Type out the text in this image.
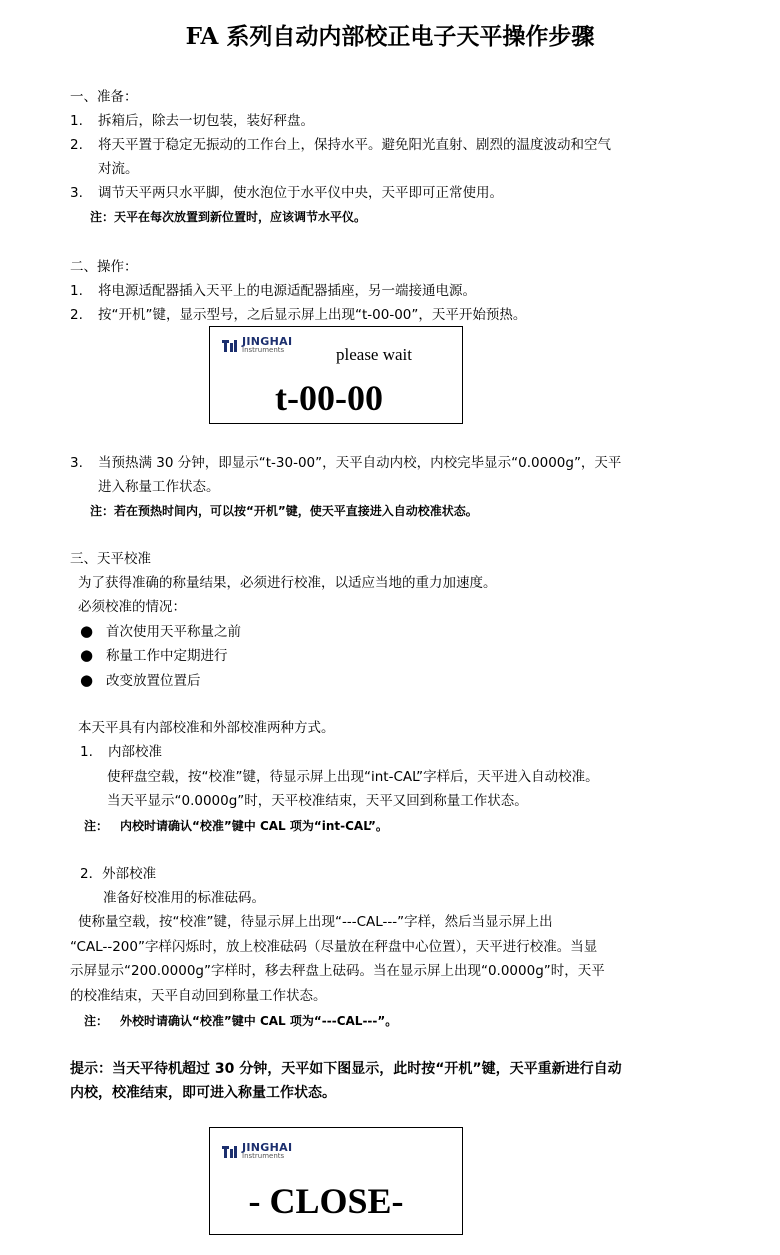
FA 系列自动内部校正电子天平操作步骤
一、准备：
1. 拆箱后，除去一切包装，装好秤盘。
2. 将天平置于稳定无振动的工作台上，保持水平。避免阳光直射、剧烈的温度波动和空气
对流。
3. 调节天平两只水平脚，使水泡位于水平仪中央，天平即可正常使用。
注：天平在每次放置到新位置时，应该调节水平仪。
二、操作：
1. 将电源适配器插入天平上的电源适配器插座，另一端接通电源。
2. 按“开机”键，显示型号，之后显示屏上出现“t-00-00”，天平开始预热。
JINGHAI
Instruments	please wait
t-00-00
3. 当预热满 30 分钟，即显示“t-30-00”，天平自动内校，内校完毕显示“0.0000g”，天平
进入称量工作状态。
注：若在预热时间内，可以按“开机”键，使天平直接进入自动校准状态。
三、天平校准
为了获得准确的称量结果，必须进行校准，以适应当地的重力加速度。
必须校准的情况：
● 首次使用天平称量之前
● 称量工作中定期进行
● 改变放置位置后
本天平具有内部校准和外部校准两种方式。
1. 内部校准
使秤盘空载，按“校准”键，待显示屏上出现“int-CAL”字样后，天平进入自动校准。
当天平显示“0.0000g”时，天平校准结束，天平又回到称量工作状态。
注： 内校时请确认“校准”键中 CAL 项为“int-CAL”。
2．外部校准
准备好校准用的标准砝码。
使称量空载，按“校准”键，待显示屏上出现“---CAL---”字样，然后当显示屏上出
“CAL--200”字样闪烁时，放上校准砝码（尽量放在秤盘中心位置），天平进行校准。当显
示屏显示“200.0000g”字样时，移去秤盘上砝码。当在显示屏上出现“0.0000g”时，天平
的校准结束，天平自动回到称量工作状态。
注： 外校时请确认“校准”键中 CAL 项为“---CAL---”。
提示：当天平待机超过 30 分钟，天平如下图显示，此时按“开机”键，天平重新进行自动
内校，校准结束，即可进入称量工作状态。
JINGHAI
Instruments
- CLOSE-
